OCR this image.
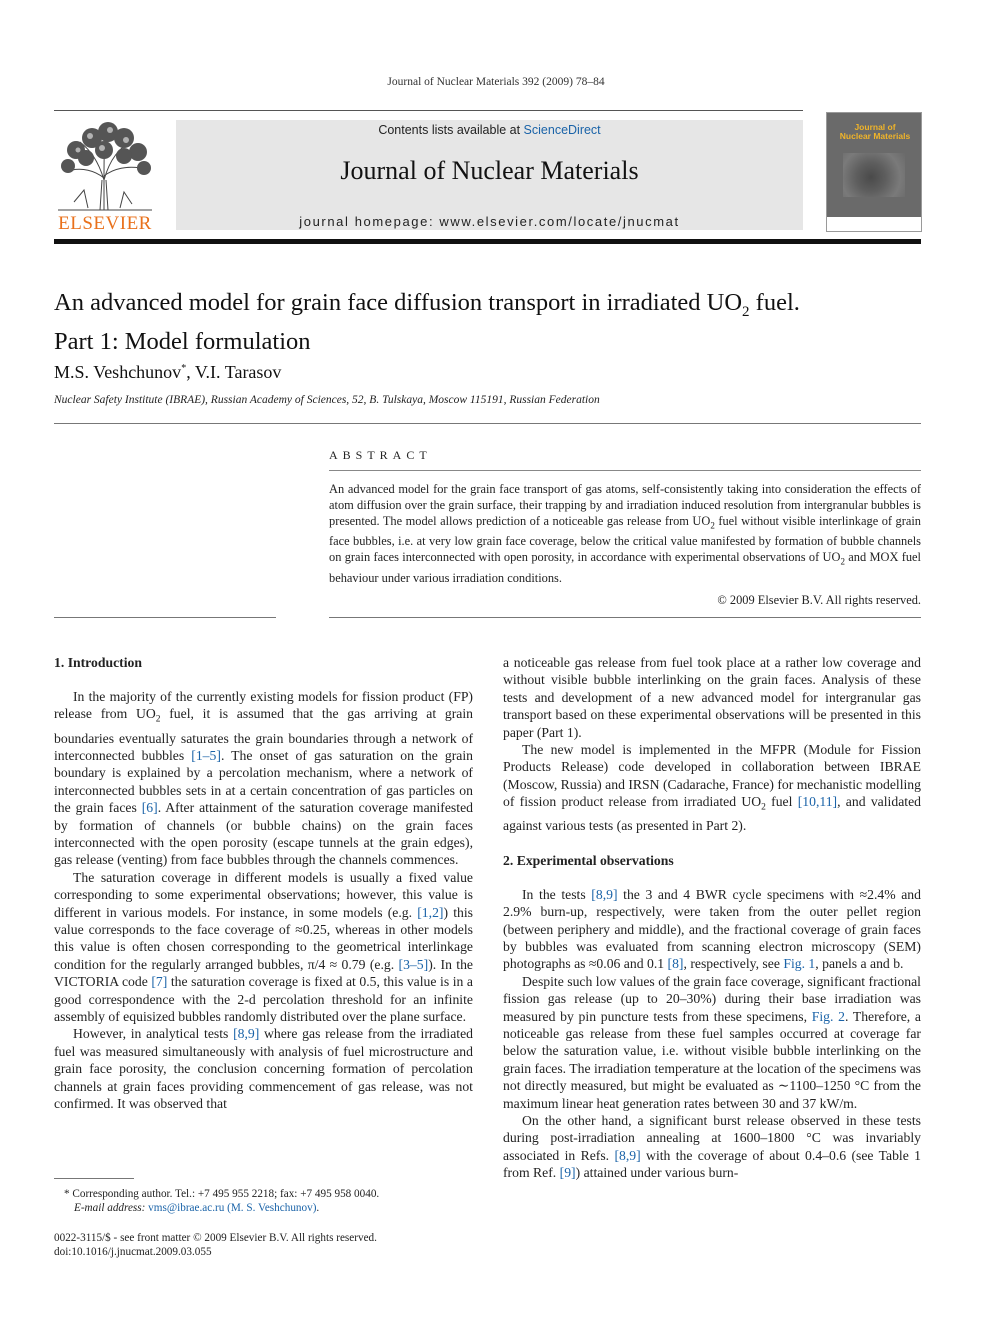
Journal of Nuclear Materials 392 (2009) 78–84
ELSEVIER
Contents lists available at ScienceDirect
Journal of Nuclear Materials
journal homepage: www.elsevier.com/locate/jnucmat
Journal of
Nuclear Materials
An advanced model for grain face diffusion transport in irradiated $UO_2$ fuel.
Part 1: Model formulation
M.S. Veshchunov*, V.I. Tarasov
Nuclear Safety Institute (IBRAE), Russian Academy of Sciences, 52, B. Tulskaya, Moscow 115191, Russian Federation
ABSTRACT
An advanced model for the grain face transport of gas atoms, self-consistently taking into consideration the effects of atom diffusion over the grain surface, their trapping by and irradiation induced resolution from intergranular bubbles is presented. The model allows prediction of a noticeable gas release from $UO_2$ fuel without visible interlinkage of grain face bubbles, i.e. at very low grain face coverage, below the critical value manifested by formation of bubble channels on grain faces interconnected with open porosity, in accordance with experimental observations of $UO_2$ and MOX fuel behaviour under various irradiation conditions.
© 2009 Elsevier B.V. All rights reserved.
1. Introduction

In the majority of the currently existing models for fission product (FP) release from $UO_2$ fuel, it is assumed that the gas arriving at grain boundaries eventually saturates the grain boundaries through a network of interconnected bubbles [1–5]. The onset of gas saturation on the grain boundary is explained by a percolation mechanism, where a network of interconnected bubbles sets in at a certain concentration of gas particles on the grain faces [6]. After attainment of the saturation coverage manifested by formation of channels (or bubble chains) on the grain faces interconnected with the open porosity (escape tunnels at the grain edges), gas release (venting) from face bubbles through the channels commences.

The saturation coverage in different models is usually a fixed value corresponding to some experimental observations; however, this value is different in various models. For instance, in some models (e.g. [1,2]) this value corresponds to the face coverage of ≈0.25, whereas in other models this value is often chosen corresponding to the geometrical interlinkage condition for the regularly arranged bubbles, π/4 ≈ 0.79 (e.g. [3–5]). In the VICTORIA code [7] the saturation coverage is fixed at 0.5, this value is in a good correspondence with the 2-d percolation threshold for an infinite assembly of equisized bubbles randomly distributed over the plane surface.

However, in analytical tests [8,9] where gas release from the irradiated fuel was measured simultaneously with analysis of fuel microstructure and grain face porosity, the conclusion concerning formation of percolation channels at grain faces providing commencement of gas release, was not confirmed. It was observed that

a noticeable gas release from fuel took place at a rather low coverage and without visible bubble interlinking on the grain faces. Analysis of these tests and development of a new advanced model for intergranular gas transport based on these experimental observations will be presented in this paper (Part 1).

The new model is implemented in the MFPR (Module for Fission Products Release) code developed in collaboration between IBRAE (Moscow, Russia) and IRSN (Cadarache, France) for mechanistic modelling of fission product release from irradiated $UO_2$ fuel [10,11], and validated against various tests (as presented in Part 2).

2. Experimental observations

In the tests [8,9] the 3 and 4 BWR cycle specimens with ≈2.4% and 2.9% burn-up, respectively, were taken from the outer pellet region (between periphery and middle), and the fractional coverage of grain faces by bubbles was evaluated from scanning electron microscopy (SEM) photographs as ≈0.06 and 0.1 [8], respectively, see Fig. 1, panels a and b.

Despite such low values of the grain face coverage, significant fractional fission gas release (up to 20–30%) during their base irradiation was measured by pin puncture tests from these specimens, Fig. 2. Therefore, a noticeable gas release from these fuel samples occurred at coverage far below the saturation value, i.e. without visible bubble interlinking on the grain faces. The irradiation temperature at the location of the specimens was not directly measured, but might be evaluated as ∼1100–1250 °C from the maximum linear heat generation rates between 30 and 37 kW/m.

On the other hand, a significant burst release observed in these tests during post-irradiation annealing at 1600–1800 °C was invariably associated in Refs. [8,9] with the coverage of about 0.4–0.6 (see Table 1 from Ref. [9]) attained under various burn-

* Corresponding author. Tel.: +7 495 955 2218; fax: +7 495 958 0040.
E-mail address: vms@ibrae.ac.ru (M. S. Veshchunov).
0022-3115/$ - see front matter © 2009 Elsevier B.V. All rights reserved.
doi:10.1016/j.jnucmat.2009.03.055
